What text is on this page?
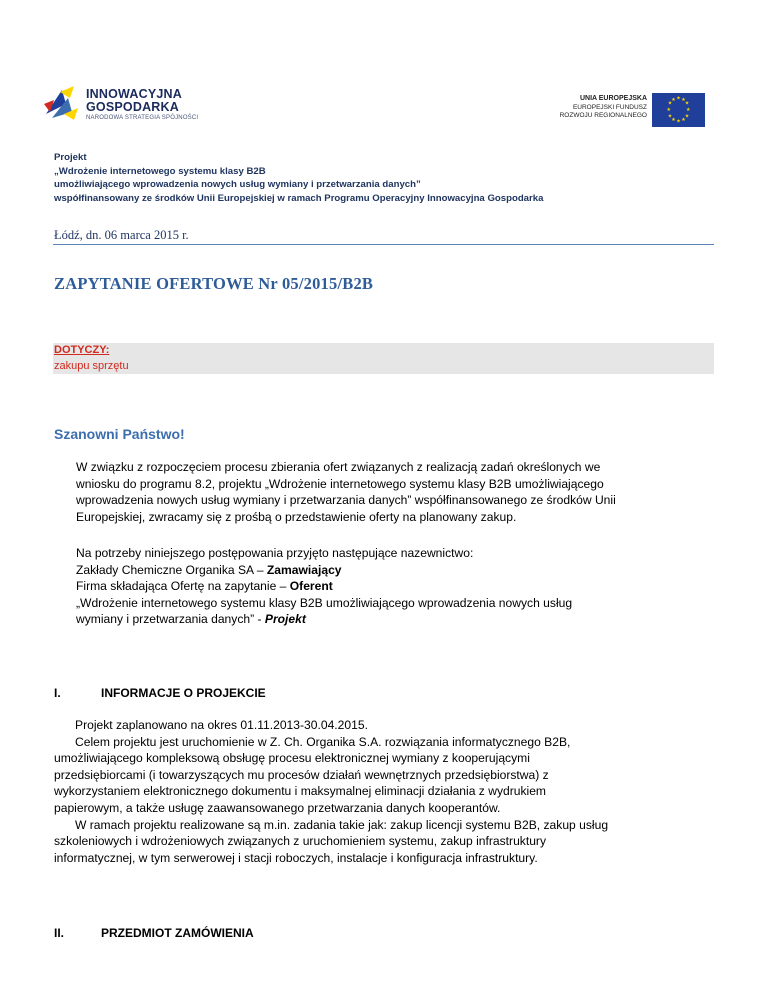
INNOWACYJNA
GOSPODARKA
NARODOWA STRATEGIA SPÓJNOŚCI
UNIA EUROPEJSKA
EUROPEJSKI FUNDUSZ
ROZWOJU REGIONALNEGO
★ ★
★
★
★
★
★
★
★
★
★
★
Projekt
„Wdrożenie internetowego systemu klasy B2B
umożliwiającego wprowadzenia nowych usług wymiany i przetwarzania danych”
współfinansowany ze środków Unii Europejskiej w ramach Programu Operacyjny Innowacyjna Gospodarka
Łódź, dn. 06 marca 2015 r.
ZAPYTANIE OFERTOWE Nr 05/2015/B2B
DOTYCZY:
zakupu sprzętu
Szanowni Państwo!
W związku z rozpoczęciem procesu zbierania ofert związanych z realizacją zadań określonych we
wniosku do programu 8.2, projektu „Wdrożenie internetowego systemu klasy B2B umożliwiającego
wprowadzenia nowych usług wymiany i przetwarzania danych” współfinansowanego ze środków Unii
Europejskiej, zwracamy się z prośbą o przedstawienie oferty na planowany zakup.
Na potrzeby niniejszego postępowania przyjęto następujące nazewnictwo:
Zakłady Chemiczne Organika SA – Zamawiający
Firma składająca Ofertę na zapytanie – Oferent
„Wdrożenie internetowego systemu klasy B2B umożliwiającego wprowadzenia nowych usług
wymiany i przetwarzania danych” - Projekt
I.	INFORMACJE O PROJEKCIE
Projekt zaplanowano na okres 01.11.2013-30.04.2015.
Celem projektu jest uruchomienie w Z. Ch. Organika S.A. rozwiązania informatycznego B2B,
umożliwiającego kompleksową obsługę procesu elektronicznej wymiany z kooperującymi
przedsiębiorcami (i towarzyszących mu procesów działań wewnętrznych przedsiębiorstwa) z
wykorzystaniem elektronicznego dokumentu i maksymalnej eliminacji działania z wydrukiem
papierowym, a także usługę zaawansowanego przetwarzania danych kooperantów.
W ramach projektu realizowane są m.in. zadania takie jak: zakup licencji systemu B2B, zakup usług
szkoleniowych i wdrożeniowych związanych z uruchomieniem systemu, zakup infrastruktury
informatycznej, w tym serwerowej i stacji roboczych, instalacje i konfiguracja infrastruktury.
II.	PRZEDMIOT ZAMÓWIENIA
